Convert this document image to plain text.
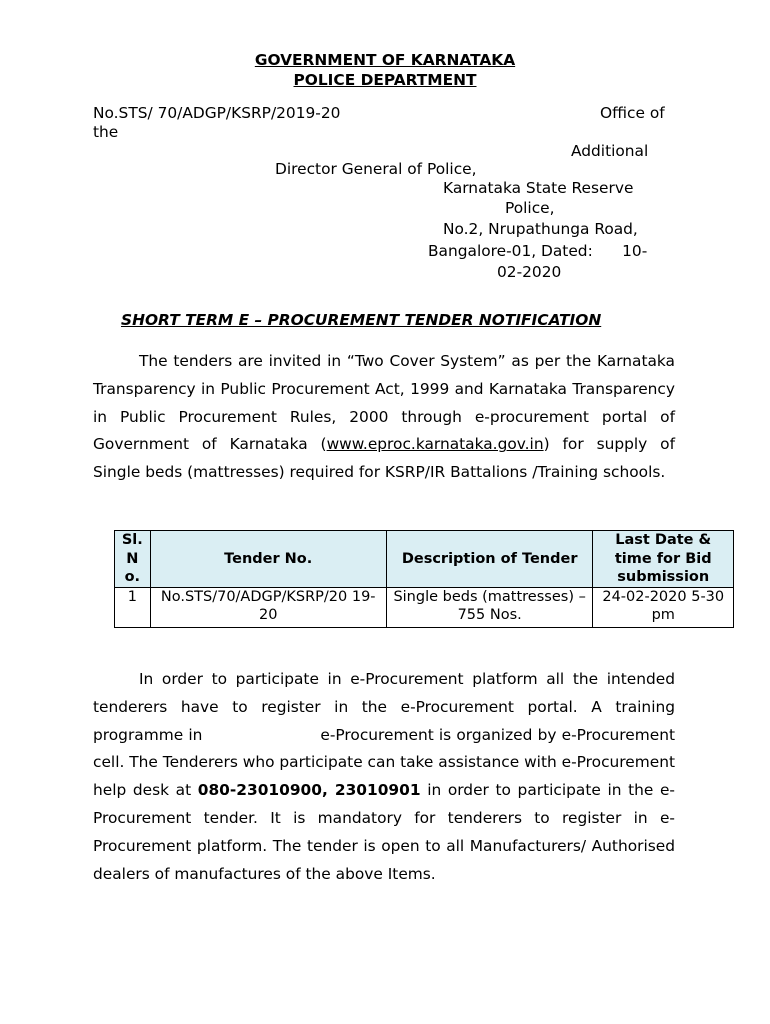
GOVERNMENT OF KARNATAKA
POLICE DEPARTMENT
No.STS/ 70/ADGP/KSRP/2019-20	Office of
the
Additional
Director General of Police,
Karnataka State Reserve
Police,
No.2, Nrupathunga Road,
Bangalore-01, Dated:      10-
02-2020
SHORT TERM E – PROCUREMENT TENDER NOTIFICATION
The tenders are invited in “Two Cover System” as per the Karnataka Transparency in Public Procurement Act, 1999 and Karnataka Transparency in Public Procurement Rules, 2000 through e-procurement portal of Government of Karnataka (www.eproc.karnataka.gov.in) for supply of Single beds (mattresses) required for KSRP/IR Battalions /Training schools.
Sl. N o.	Tender No.	Description of Tender	Last Date & time for Bid submission
1	No.STS/70/ADGP/KSRP/20 19-20	Single beds (mattresses) –755 Nos.	24-02-2020 5-30 pm
In order to participate in e-Procurement platform all the intended tenderers have to register in the e-Procurement portal. A training programme in	e-Procurement is organized by e-Procurement cell. The Tenderers who participate can take assistance with e-Procurement help desk at 080-23010900, 23010901 in order to participate in the e-Procurement tender. It is mandatory for tenderers to register in e-Procurement platform. The tender is open to all Manufacturers/ Authorised dealers of manufactures of the above Items.
